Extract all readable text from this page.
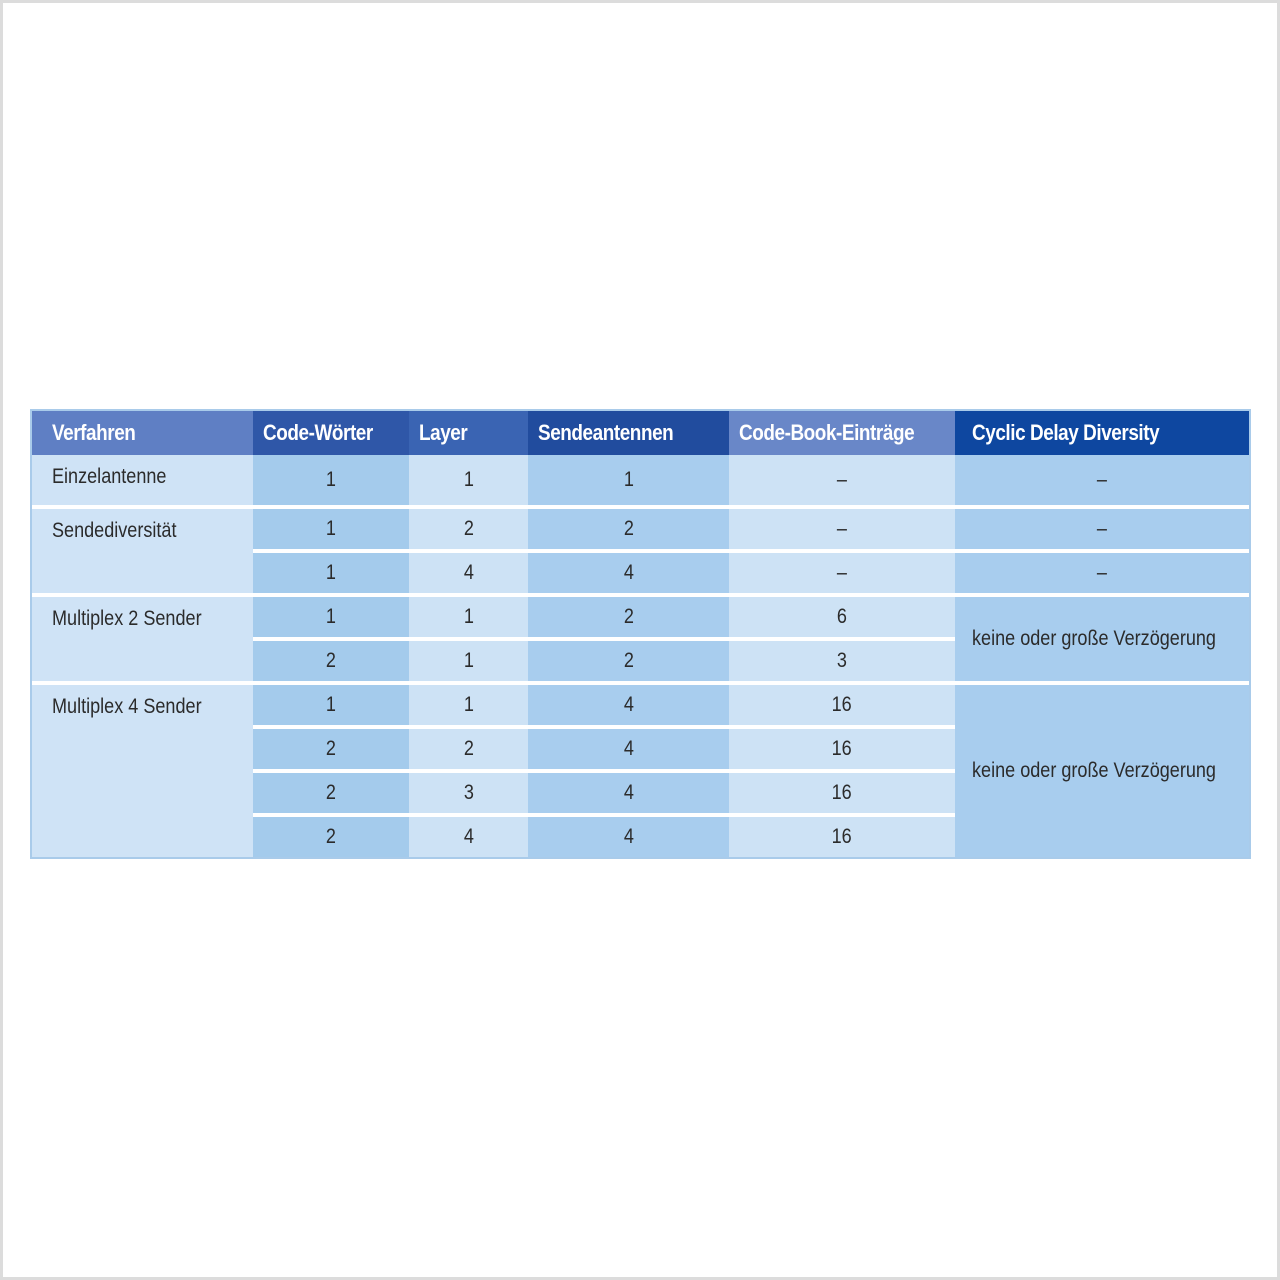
Verfahren	Code-Wörter	Layer	Sendeantennen	Code-Book-Einträge	Cyclic Delay Diversity
Einzelantenne	1	1	1	–	–
Sendediversität	1	2	2	–	–
	1	4	4	–	–
Multiplex 2 Sender	1	1	2	6	keine oder große Verzögerung
	2	1	2	3	
Multiplex 4 Sender	1	1	4	16	keine oder große Verzögerung
	2	2	4	16	
	2	3	4	16	
	2	4	4	16	
